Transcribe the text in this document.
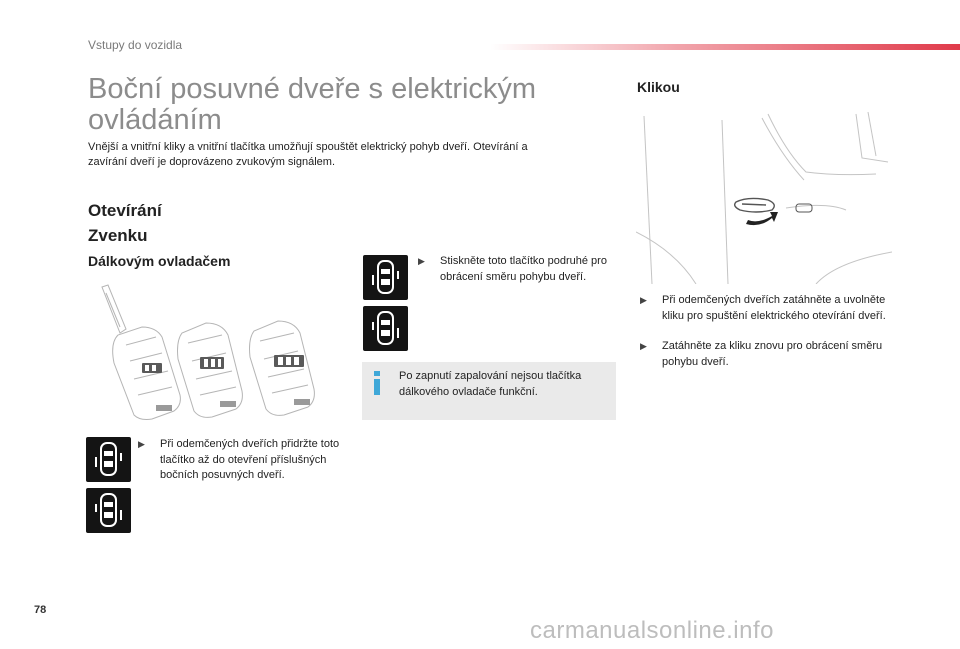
Vstupy do vozidla
Boční posuvné dveře s elektrickým ovládáním

Vnější a vnitřní kliky a vnitřní tlačítka umožňují spouštět elektrický pohyb dveří. Otevírání a zavírání dveří je doprovázeno zvukovým signálem.

Otevírání
Zvenku
Dálkovým ovladačem
Klikou
▶	Při odemčených dveřích přidržte toto tlačítko až do otevření příslušných bočních posuvných dveří.
▶	Stiskněte toto tlačítko podruhé pro obrácení směru pohybu dveří.
Po zapnutí zapalování nejsou tlačítka dálkového ovladače funkční.
▶	Při odemčených dveřích zatáhněte a uvolněte kliku pro spuštění elektrického otevírání dveří.
▶	Zatáhněte za kliku znovu pro obrácení směru pohybu dveří.
78
carmanualsonline.info
